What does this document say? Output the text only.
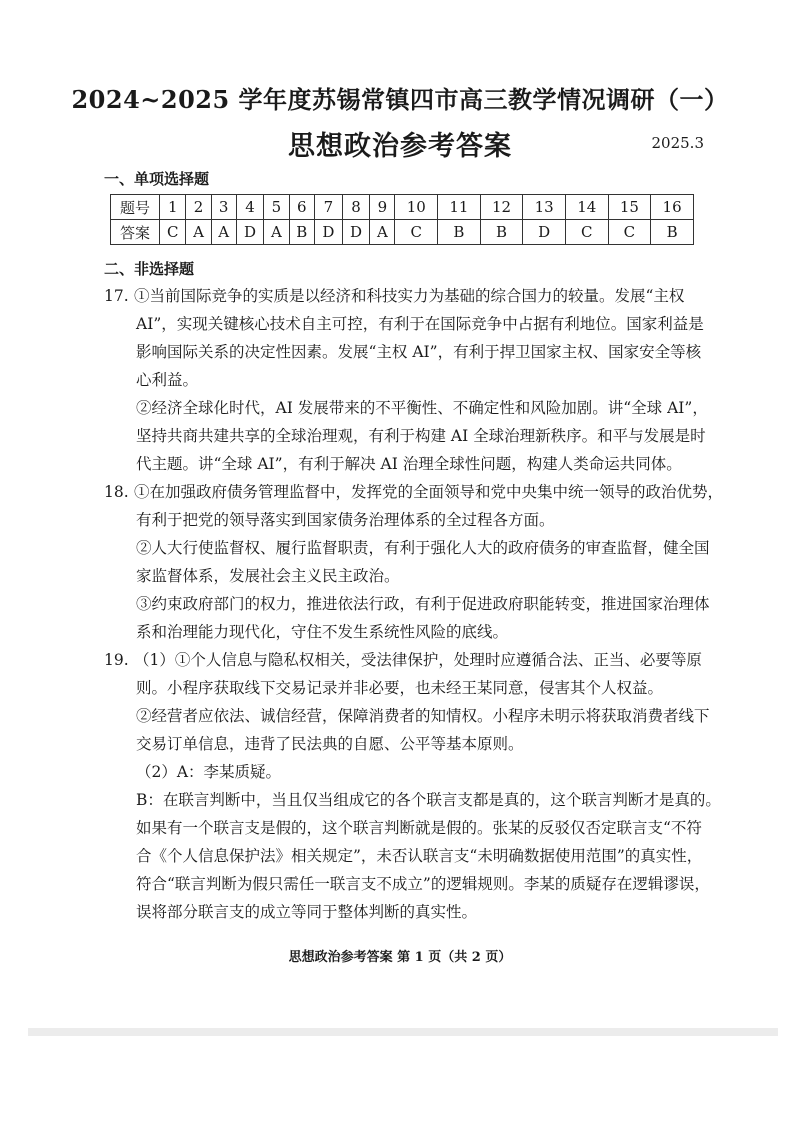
2024~2025 学年度苏锡常镇四市高三教学情况调研（一）
思想政治参考答案	2025.3
一、单项选择题
题号	1	2	3	4	5	6	7	8	9	10	11	12	13	14	15	16
答案	C	A	A	D	A	B	D	D	A	C	B	B	D	C	C	B
二、非选择题
17. ①当前国际竞争的实质是以经济和科技实力为基础的综合国力的较量。发展“主权
AI”，实现关键核心技术自主可控，有利于在国际竞争中占据有利地位。国家利益是
影响国际关系的决定性因素。发展“主权 AI”，有利于捍卫国家主权、国家安全等核
心利益。
②经济全球化时代，AI 发展带来的不平衡性、不确定性和风险加剧。讲“全球 AI”，
坚持共商共建共享的全球治理观，有利于构建 AI 全球治理新秩序。和平与发展是时
代主题。讲“全球 AI”，有利于解决 AI 治理全球性问题，构建人类命运共同体。
18. ①在加强政府债务管理监督中，发挥党的全面领导和党中央集中统一领导的政治优势，
有利于把党的领导落实到国家债务治理体系的全过程各方面。
②人大行使监督权、履行监督职责，有利于强化人大的政府债务的审查监督，健全国
家监督体系，发展社会主义民主政治。
③约束政府部门的权力，推进依法行政，有利于促进政府职能转变，推进国家治理体
系和治理能力现代化，守住不发生系统性风险的底线。
19. （1）①个人信息与隐私权相关，受法律保护，处理时应遵循合法、正当、必要等原
则。小程序获取线下交易记录并非必要，也未经王某同意，侵害其个人权益。
②经营者应依法、诚信经营，保障消费者的知情权。小程序未明示将获取消费者线下
交易订单信息，违背了民法典的自愿、公平等基本原则。
（2）A：李某质疑。
B：在联言判断中，当且仅当组成它的各个联言支都是真的，这个联言判断才是真的。
如果有一个联言支是假的，这个联言判断就是假的。张某的反驳仅否定联言支“不符
合《个人信息保护法》相关规定”，未否认联言支“未明确数据使用范围”的真实性，
符合“联言判断为假只需任一联言支不成立”的逻辑规则。李某的质疑存在逻辑谬误，
误将部分联言支的成立等同于整体判断的真实性。
思想政治参考答案 第 1 页（共 2 页）
